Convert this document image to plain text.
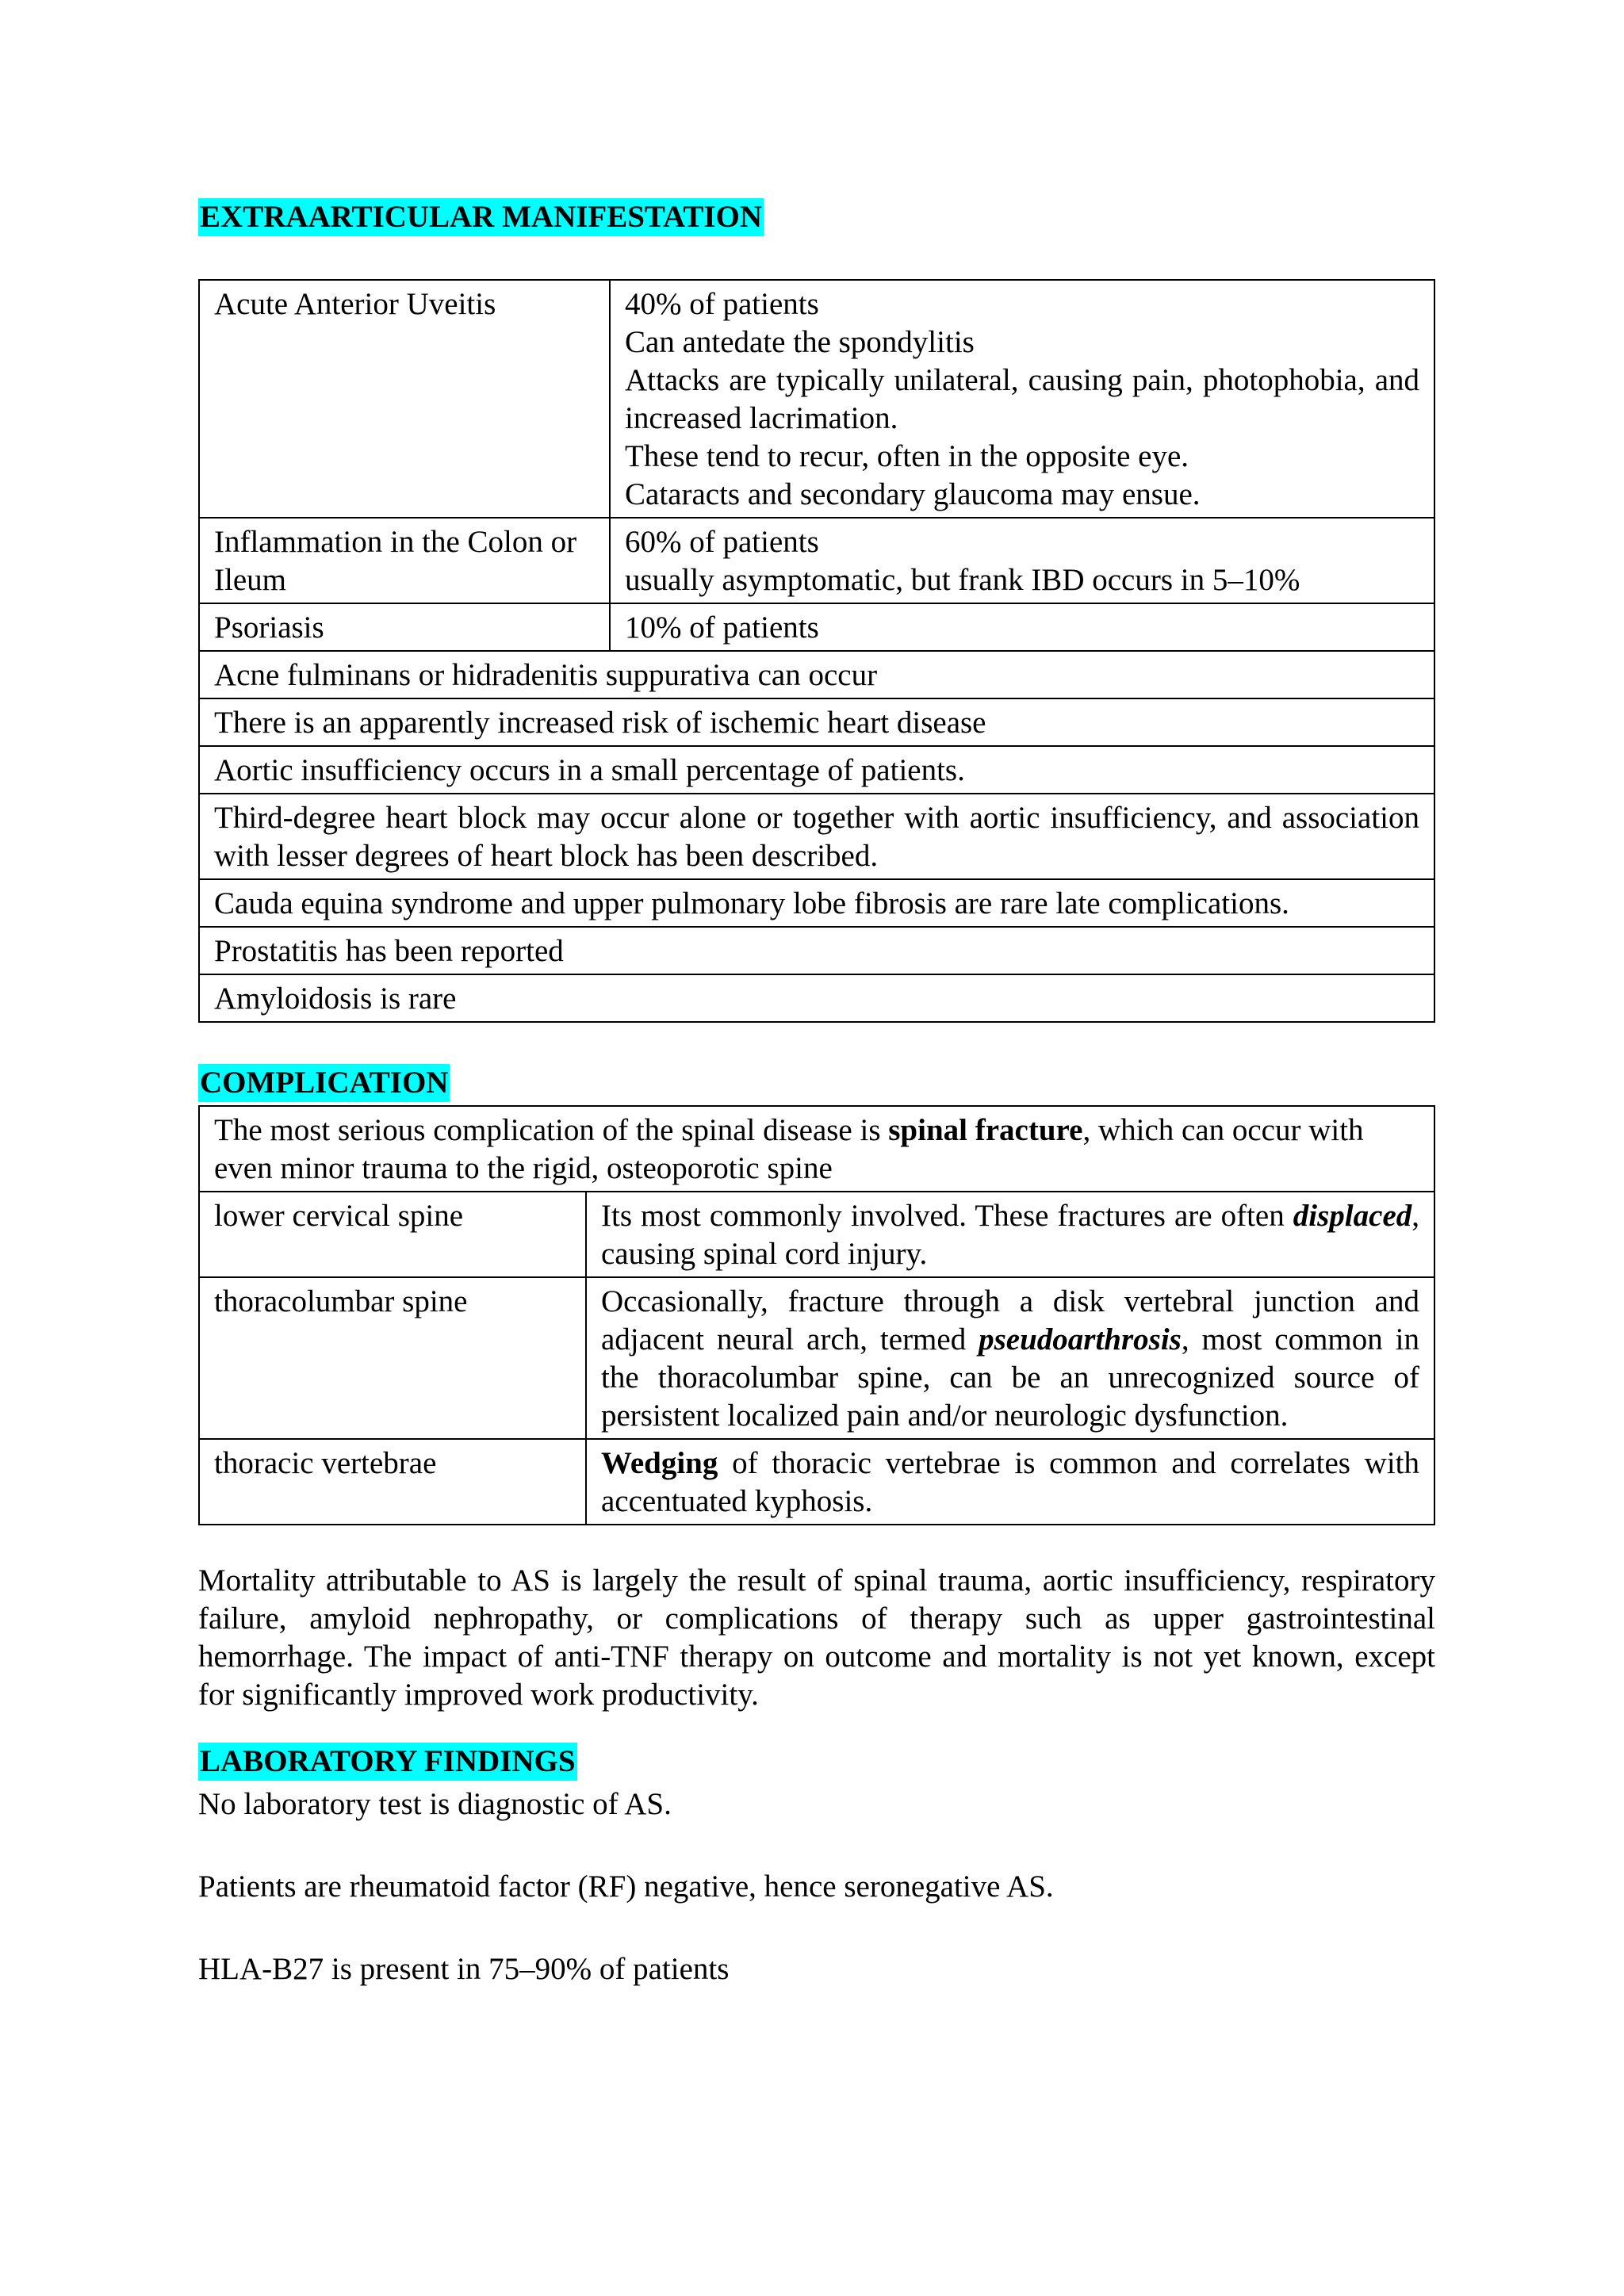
EXTRAARTICULAR MANIFESTATION
Acute Anterior Uveitis	40% of patients
Can antedate the spondylitis
Attacks are typically unilateral, causing pain, photophobia, and increased lacrimation.
These tend to recur, often in the opposite eye.
Cataracts and secondary glaucoma may ensue.

Inflammation in the Colon or Ileum	60% of patients
usually asymptomatic, but frank IBD occurs in 5–10%

Psoriasis	10% of patients

Acne fulminans or hidradenitis suppurativa can occur	
There is an apparently increased risk of ischemic heart disease	
Aortic insufficiency occurs in a small percentage of patients.	
Third-degree heart block may occur alone or together with aortic insufficiency, and association with lesser degrees of heart block has been described.	
Cauda equina syndrome and upper pulmonary lobe fibrosis are rare late complications.	
Prostatitis has been reported	
Amyloidosis is rare	
COMPLICATION
The most serious complication of the spinal disease is spinal fracture, which can occur with even minor trauma to the rigid, osteoporotic spine	
lower cervical spine	Its most commonly involved. These fractures are often displaced, causing spinal cord injury.
thoracolumbar spine	Occasionally, fracture through a disk vertebral junction and adjacent neural arch, termed pseudoarthrosis, most common in the thoracolumbar spine, can be an unrecognized source of persistent localized pain and/or neurologic dysfunction.
thoracic vertebrae	Wedging of thoracic vertebrae is common and correlates with accentuated kyphosis.

Mortality attributable to AS is largely the result of spinal trauma, aortic insufficiency, respiratory failure, amyloid nephropathy, or complications of therapy such as upper gastrointestinal hemorrhage. The impact of anti-TNF therapy on outcome and mortality is not yet known, except for significantly improved work productivity.

LABORATORY FINDINGS

No laboratory test is diagnostic of AS.

Patients are rheumatoid factor (RF) negative, hence seronegative AS.

HLA-B27 is present in 75–90% of patients
